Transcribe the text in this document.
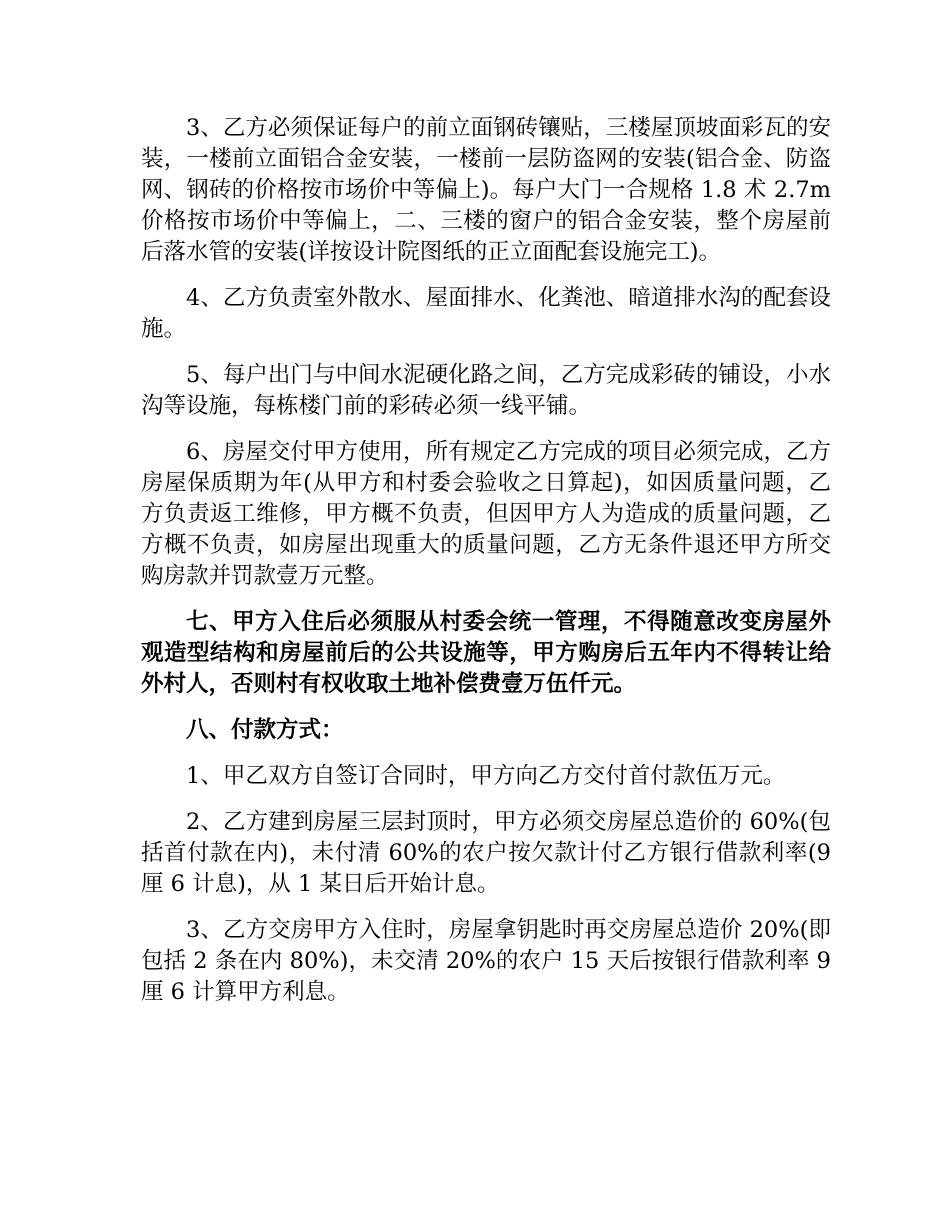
3、乙方必须保证每户的前立面钢砖镶贴，三楼屋顶坡面彩瓦的安装，一楼前立面铝合金安装，一楼前一层防盗网的安装(铝合金、防盗网、钢砖的价格按市场价中等偏上)。每户大门一合规格 1.8 术 2.7m 价格按市场价中等偏上，二、三楼的窗户的铝合金安装，整个房屋前后落水管的安装(详按设计院图纸的正立面配套设施完工)。

4、乙方负责室外散水、屋面排水、化粪池、暗道排水沟的配套设施。

5、每户出门与中间水泥硬化路之间，乙方完成彩砖的铺设，小水沟等设施，每栋楼门前的彩砖必须一线平铺。

6、房屋交付甲方使用，所有规定乙方完成的项目必须完成，乙方房屋保质期为年(从甲方和村委会验收之日算起)，如因质量问题，乙方负责返工维修，甲方概不负责，但因甲方人为造成的质量问题，乙方概不负责，如房屋出现重大的质量问题，乙方无条件退还甲方所交购房款并罚款壹万元整。

七、甲方入住后必须服从村委会统一管理，不得随意改变房屋外观造型结构和房屋前后的公共设施等，甲方购房后五年内不得转让给外村人，否则村有权收取土地补偿费壹万伍仟元。

八、付款方式：

1、甲乙双方自签订合同时，甲方向乙方交付首付款伍万元。

2、乙方建到房屋三层封顶时，甲方必须交房屋总造价的 60%(包括首付款在内)，未付清 60%的农户按欠款计付乙方银行借款利率(9 厘 6 计息)，从 1 某日后开始计息。

3、乙方交房甲方入住时，房屋拿钥匙时再交房屋总造价 20%(即包括 2 条在内 80%)，未交清 20%的农户 15 天后按银行借款利率 9 厘 6 计算甲方利息。
